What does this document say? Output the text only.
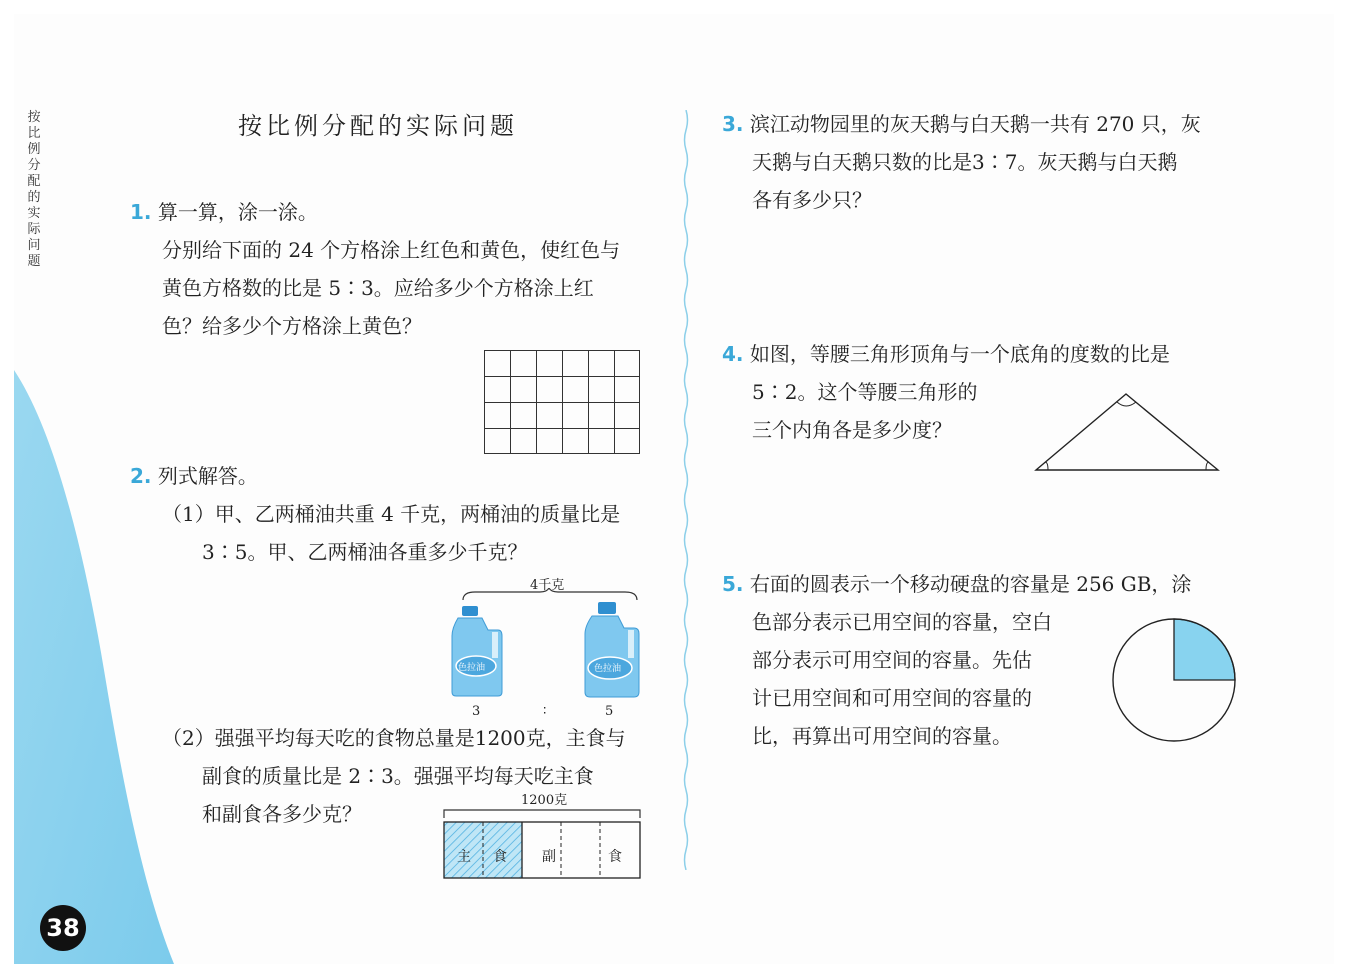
按
比
例
分
配
的
实
际
问
题
按比例分配的实际问题
1. 算一算，涂一涂。
分别给下面的 24 个方格涂上红色和黄色，使红色与
黄色方格数的比是 5∶3。应给多少个方格涂上红
色？给多少个方格涂上黄色？
2. 列式解答。
（1）甲、乙两桶油共重 4 千克，两桶油的质量比是
3∶5。甲、乙两桶油各重多少千克？
4千克
色拉油	色拉油
3	∶	5
（2）强强平均每天吃的食物总量是1200克，主食与
副食的质量比是 2∶3。强强平均每天吃主食
和副食各多少克？
1200克
主 食	副	食
3. 滨江动物园里的灰天鹅与白天鹅一共有 270 只，灰
天鹅与白天鹅只数的比是3∶7。灰天鹅与白天鹅
各有多少只？
4. 如图，等腰三角形顶角与一个底角的度数的比是
5∶2。这个等腰三角形的
三个内角各是多少度？
5. 右面的圆表示一个移动硬盘的容量是 256 GB，涂
色部分表示已用空间的容量，空白
部分表示可用空间的容量。先估
计已用空间和可用空间的容量的
比，再算出可用空间的容量。
38
